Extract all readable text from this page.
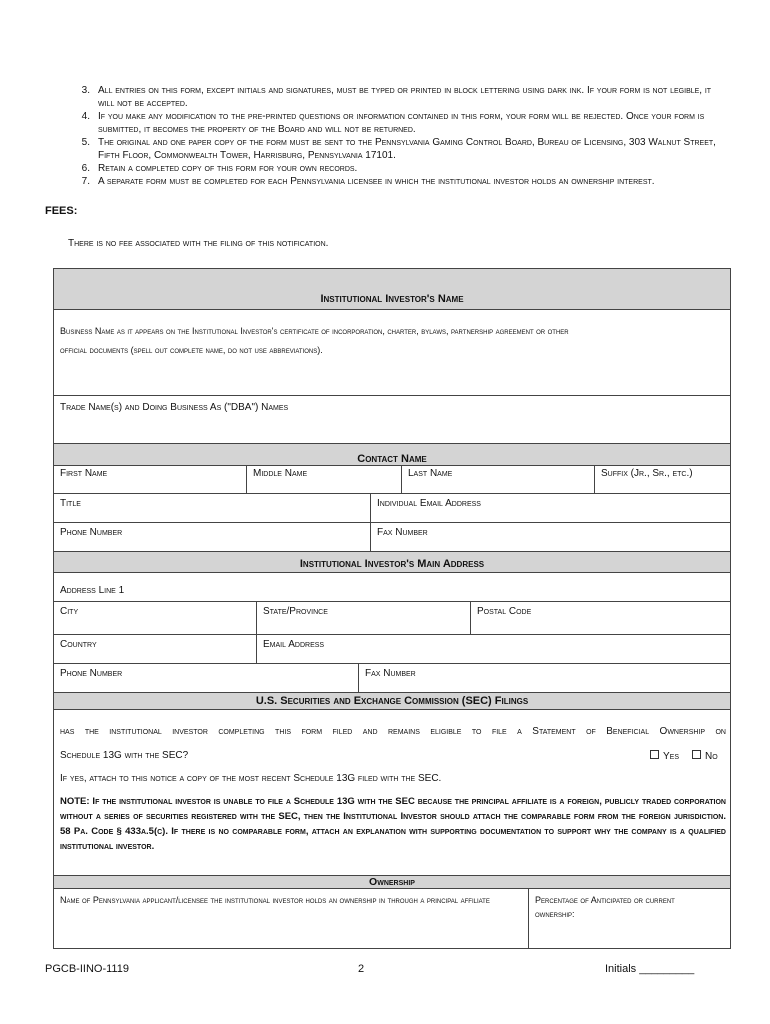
3. All entries on this form, except initials and signatures, must be typed or printed in block lettering using dark ink. If your form is not legible, it will not be accepted.
4. If you make any modification to the pre-printed questions or information contained in this form, your form will be rejected. Once your form is submitted, it becomes the property of the Board and will not be returned.
5. The original and one paper copy of the form must be sent to the Pennsylvania Gaming Control Board, Bureau of Licensing, 303 Walnut Street, Fifth Floor, Commonwealth Tower, Harrisburg, Pennsylvania 17101.
6. Retain a completed copy of this form for your own records.
7. A separate form must be completed for each Pennsylvania licensee in which the institutional investor holds an ownership interest.
FEES:
There is no fee associated with the filing of this notification.
Institutional Investor's Name
Business Name as it appears on the Institutional Investor's certificate of incorporation, charter, bylaws, partnership agreement or other
official documents (spell out complete name, do not use abbreviations).
Trade Name(s) and Doing Business As ("DBA") Names
Contact Name
First Name	Middle Name	Last Name	Suffix (Jr., Sr., etc.)
Title	Individual Email Address
Phone Number	Fax Number
Institutional Investor's Main Address
Address Line 1
City	State/Province	Postal Code
Country	Email Address
Phone Number	Fax Number
U.S. Securities and Exchange Commission (SEC) Filings
has the institutional investor completing this form filed and remains eligible to file a Statement of Beneficial Ownership on
Schedule 13G with the SEC?	Yes	No
If yes, attach to this notice a copy of the most recent Schedule 13G filed with the SEC.
NOTE: If the institutional investor is unable to file a Schedule 13G with the SEC because the principal affiliate is a foreign, publicly traded corporation without a series of securities registered with the SEC, then the Institutional Investor should attach the comparable form from the foreign jurisdiction. 58 Pa. Code § 433a.5(c). If there is no comparable form, attach an explanation with supporting documentation to support why the company is a qualified institutional investor.
Ownership
Name of Pennsylvania applicant/licensee the institutional investor holds an ownership in through a principal affiliate	Percentage of Anticipated or current ownership:
PGCB-IINO-1119	2	Initials _________
